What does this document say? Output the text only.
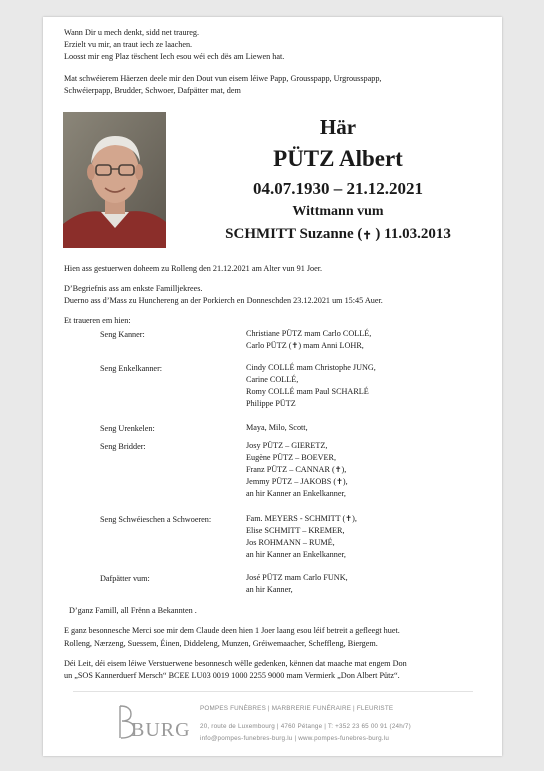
Wann Dir u mech denkt, sidd net traureg.
Erzielt vu mir, an traut iech ze laachen.
Loosst mir eng Plaz tëschent Iech esou wéi ech dës am Liewen hat.
Mat schwéierem Häerzen deele mir den Dout vun eisem léiwe Papp, Grousspapp, Urgrousspapp,
Schwéierpapp, Brudder, Schwoer, Dafpätter mat, dem
Här
PÜTZ Albert
04.07.1930 – 21.12.2021
Wittmann vum
SCHMITT Suzanne (✝ ) 11.03.2013
Hien ass gestuerwen doheem zu Rolleng den 21.12.2021 am Alter vun 91 Joer.
D’Begriefnis ass am enkste Familljekrees.
Duerno ass d’Mass zu Hunchereng an der Porkierch en Donneschden 23.12.2021 um 15:45 Auer.
Et traueren em hien:
Seng Kanner:	Christiane PÜTZ mam Carlo COLLÉ,
Carlo PÜTZ (✝) mam Anni LOHR,
Seng Enkelkanner:	Cindy COLLÉ mam Christophe JUNG,
Carine COLLÉ,
Romy COLLÉ mam Paul SCHARLÉ
Philippe PÜTZ
Seng Urenkelen:	Maya, Milo, Scott,
Seng Bridder:	Josy PÜTZ – GIERETZ,
Eugène PÜTZ – BOEVER,
Franz PÜTZ – CANNAR (✝),
Jemmy PÜTZ – JAKOBS (✝),
an hir Kanner an Enkelkanner,
Seng Schwéieschen a Schwoeren:	Fam. MEYERS - SCHMITT (✝),
Elise SCHMITT – KREMER,
Jos ROHMANN – RUMÉ,
an hir Kanner an Enkelkanner,
Dafpätter vum:	José PÜTZ mam Carlo FUNK,
an hir Kanner,
D’ganz Famill, all Frënn a Bekannten .
E ganz besonnesche Merci soe mir dem Claude deen hien 1 Joer laang esou léif betreit a gefleegt huet.
Rolleng, Nærzeng, Suessem, Éinen, Diddeleng, Munzen, Gréiwemaacher, Scheffleng, Biergem.
Déi Leit, déi eisem léiwe Verstuerwene besonnesch wëlle gedenken, kënnen dat maache mat engem Don
un „SOS Kannerduerf Mersch“ BCEE LU03 0019 1000 2255 9000 mam Vermierk „Don Albert Pütz“.
BURG
POMPES FUNÈBRES | MARBRERIE FUNÉRAIRE | FLEURISTE
20, route de Luxembourg | 4760 Pétange | T: +352 23 65 00 91 (24h/7)
info@pompes-funebres-burg.lu | www.pompes-funebres-burg.lu
